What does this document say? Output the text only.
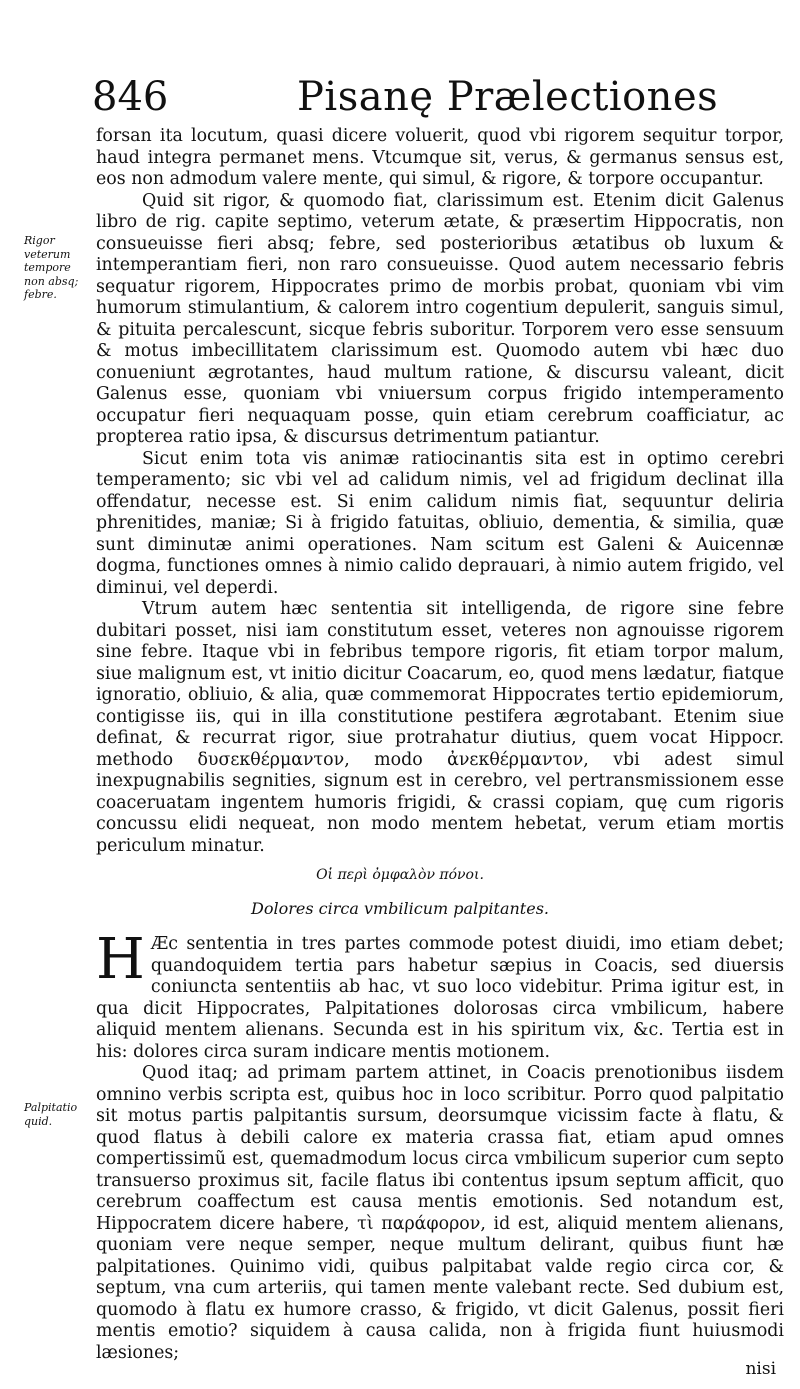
846	Pisanę Prælectiones
Rigor veterum tempore non absq; febre.
Palpitatio quid.

forsan ita locutum, quasi dicere voluerit, quod vbi rigorem sequitur torpor, haud integra permanet mens. Vtcumque sit, verus, & germanus sensus est, eos non admodum valere mente, qui simul, & rigore, & torpore occupantur.

Quid sit rigor, & quomodo fiat, clarissimum est. Etenim dicit Galenus libro de rig. capite septimo, veterum ætate, & præsertim Hippocratis, non consueuisse fieri absq; febre, sed posterioribus ætatibus ob luxum & intemperantiam fieri, non raro consueuisse. Quod autem necessario febris sequatur rigorem, Hippocrates primo de morbis probat, quoniam vbi vim humorum stimulantium, & calorem intro cogentium depulerit, sanguis simul, & pituita percalescunt, sicque febris suboritur. Torporem vero esse sensuum & motus imbecillitatem clarissimum est. Quomodo autem vbi hæc duo conueniunt ægrotantes, haud multum ratione, & discursu valeant, dicit Galenus esse, quoniam vbi vniuersum corpus frigido intemperamento occupatur fieri nequaquam posse, quin etiam cerebrum coafficiatur, ac propterea ratio ipsa, & discursus detrimentum patiantur.

Sicut enim tota vis animæ ratiocinantis sita est in optimo cerebri temperamento; sic vbi vel ad calidum nimis, vel ad frigidum declinat illa offendatur, necesse est. Si enim calidum nimis fiat, sequuntur deliria phrenitides, maniæ; Si à frigido fatuitas, obliuio, dementia, & similia, quæ sunt diminutæ animi operationes. Nam scitum est Galeni & Auicennæ dogma, functiones omnes à nimio calido deprauari, à nimio autem frigido, vel diminui, vel deperdi.

Vtrum autem hæc sententia sit intelligenda, de rigore sine febre dubitari posset, nisi iam constitutum esset, veteres non agnouisse rigorem sine febre. Itaque vbi in febribus tempore rigoris, fit etiam torpor malum, siue malignum est, vt initio dicitur Coacarum, eo, quod mens lædatur, fiatque ignoratio, obliuio, & alia, quæ commemorat Hippocrates tertio epidemiorum, contigisse iis, qui in illa constitutione pestifera ægrotabant. Etenim siue definat, & recurrat rigor, siue protrahatur diutius, quem vocat Hippocr. methodo δυσεκθέρμαντον, modo ἀνεκθέρμαντον, vbi adest simul inexpugnabilis segnities, signum est in cerebro, vel pertransmissionem esse coaceruatam ingentem humoris frigidi, & crassi copiam, quę cum rigoris concussu elidi nequeat, non modo mentem hebetat, verum etiam mortis periculum minatur.

Οἱ περὶ ὀμφαλὸν πόνοι.
Dolores circa vmbilicum palpitantes.

H Æc sententia in tres partes commode potest diuidi, imo etiam debet; quandoquidem tertia pars habetur sæpius in Coacis, sed diuersis coniuncta sententiis ab hac, vt suo loco videbitur. Prima igitur est, in qua dicit Hippocrates, Palpitationes dolorosas circa vmbilicum, habere aliquid mentem alienans. Secunda est in his spiritum vix, &c. Tertia est in his: dolores circa suram indicare mentis motionem.

Quod itaq; ad primam partem attinet, in Coacis prenotionibus iisdem omnino verbis scripta est, quibus hoc in loco scribitur. Porro quod palpitatio sit motus partis palpitantis sursum, deorsumque vicissim facte à flatu, & quod flatus à debili calore ex materia crassa fiat, etiam apud omnes compertissimũ est, quemadmodum locus circa vmbilicum superior cum septo transuerso proximus sit, facile flatus ibi contentus ipsum septum afficit, quo cerebrum coaffectum est causa mentis emotionis. Sed notandum est, Hippocratem dicere habere, τὶ παράφορον, id est, aliquid mentem alienans, quoniam vere neque semper, neque multum delirant, quibus fiunt hæ palpitationes. Quinimo vidi, quibus palpitabat valde regio circa cor, & septum, vna cum arteriis, qui tamen mente valebant recte. Sed dubium est, quomodo à flatu ex humore crasso, & frigido, vt dicit Galenus, possit fieri mentis emotio? siquidem à causa calida, non à frigida fiunt huiusmodi læsiones;

nisi
